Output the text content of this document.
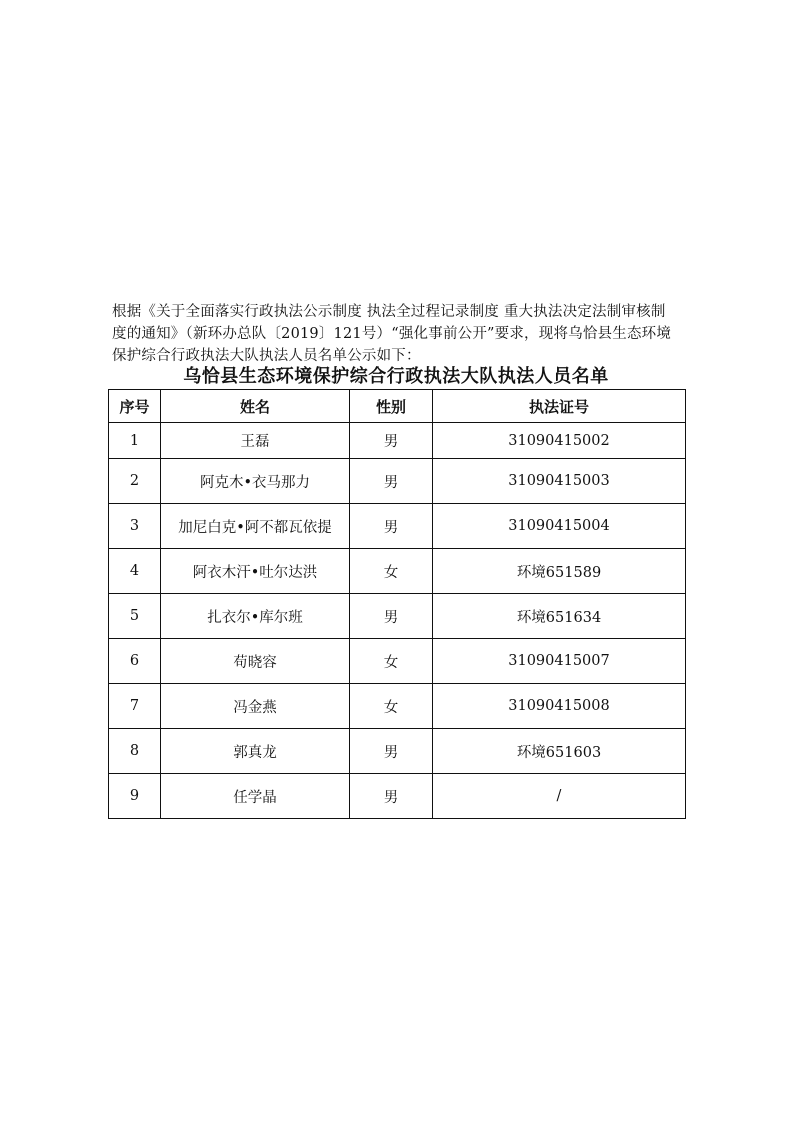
根据《关于全面落实行政执法公示制度 执法全过程记录制度 重大执法决定法制审核制
度的通知》（新环办总队〔2019〕121号）“强化事前公开”要求，现将乌恰县生态环境
保护综合行政执法大队执法人员名单公示如下：
乌恰县生态环境保护综合行政执法大队执法人员名单
序号	姓名	性别	执法证号
1	王磊	男	31090415002
2	阿克木•衣马那力	男	31090415003
3	加尼白克•阿不都瓦依提	男	31090415004
4	阿衣木汗•吐尔达洪	女	环境651589
5	扎衣尔•库尔班	男	环境651634
6	苟晓容	女	31090415007
7	冯金燕	女	31090415008
8	郭真龙	男	环境651603
9	任学晶	男	/
